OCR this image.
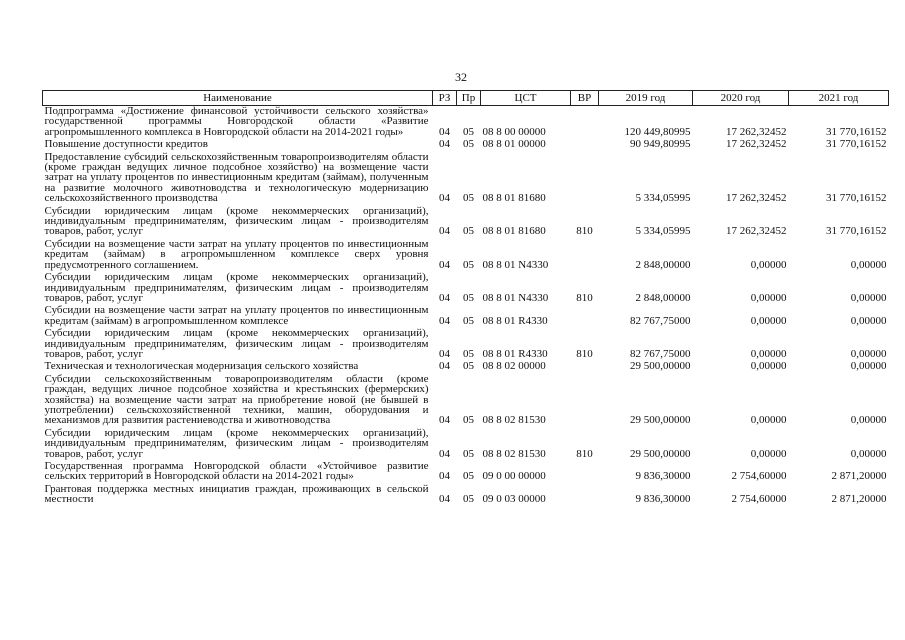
32
Наименование	РЗ	Пр	ЦСТ	ВР	2019 год	2020 год	2021 год
Подпрограмма «Достижение финансовой устойчивости сельского хозяйства» государственной программы Новгородской области «Развитие агропромышленного комплекса в Новгородской области на 2014-2021 годы»	04	05	08 8 00 00000		120 449,80995	17 262,32452	31 770,16152
Повышение доступности кредитов	04	05	08 8 01 00000		90 949,80995	17 262,32452	31 770,16152
Предоставление субсидий сельскохозяйственным товаропроизводителям области (кроме граждан ведущих личное подсобное хозяйство) на возмещение части затрат на уплату процентов по инвестиционным кредитам (займам), полученным на развитие молочного животноводства и технологическую модернизацию сельскохозяйственного производства	04	05	08 8 01 81680		5 334,05995	17 262,32452	31 770,16152
Субсидии юридическим лицам (кроме некоммерческих организаций), индивидуальным предпринимателям, физическим лицам - производителям товаров, работ, услуг	04	05	08 8 01 81680	810	5 334,05995	17 262,32452	31 770,16152
Субсидии на возмещение части затрат на уплату процентов по инвестиционным кредитам (займам) в агропромышленном комплексе сверх уровня предусмотренного соглашением.	04	05	08 8 01 N4330		2 848,00000	0,00000	0,00000
Субсидии юридическим лицам (кроме некоммерческих организаций), индивидуальным предпринимателям, физическим лицам - производителям товаров, работ, услуг	04	05	08 8 01 N4330	810	2 848,00000	0,00000	0,00000
Субсидии на возмещение части затрат на уплату процентов по инвестиционным кредитам (займам) в агропромышленном комплексе	04	05	08 8 01 R4330		82 767,75000	0,00000	0,00000
Субсидии юридическим лицам (кроме некоммерческих организаций), индивидуальным предпринимателям, физическим лицам - производителям товаров, работ, услуг	04	05	08 8 01 R4330	810	82 767,75000	0,00000	0,00000
Техническая и технологическая модернизация сельского хозяйства	04	05	08 8 02 00000		29 500,00000	0,00000	0,00000
Субсидии сельскохозяйственным товаропроизводителям области (кроме граждан, ведущих личное подсобное хозяйства и крестьянских (фермерских) хозяйства) на возмещение части затрат на приобретение новой (не бывшей в употреблении) сельскохозяйственной техники, машин, оборудования и механизмов для развития растениеводства и животноводства	04	05	08 8 02 81530		29 500,00000	0,00000	0,00000
Субсидии юридическим лицам (кроме некоммерческих организаций), индивидуальным предпринимателям, физическим лицам - производителям товаров, работ, услуг	04	05	08 8 02 81530	810	29 500,00000	0,00000	0,00000
Государственная программа Новгородской области «Устойчивое развитие сельских территорий в Новгородской области на 2014-2021 годы»	04	05	09 0 00 00000		9 836,30000	2 754,60000	2 871,20000
Грантовая поддержка местных инициатив граждан, проживающих в сельской местности	04	05	09 0 03 00000		9 836,30000	2 754,60000	2 871,20000
